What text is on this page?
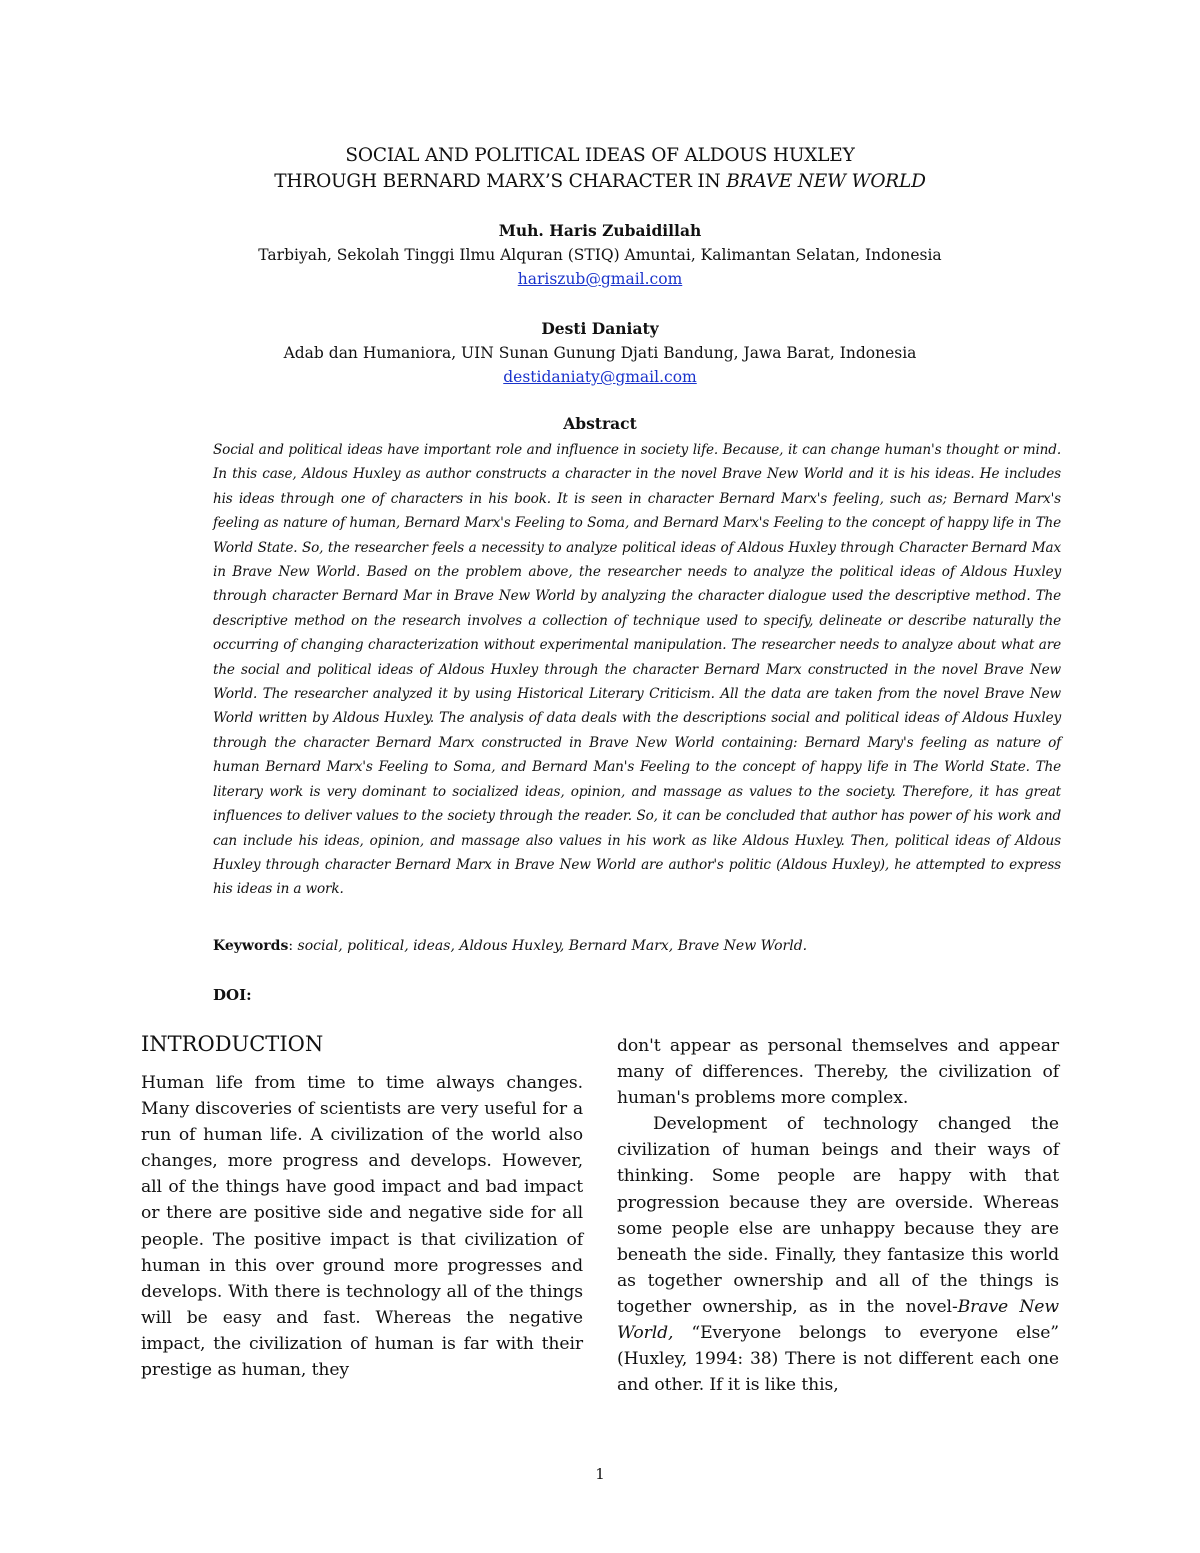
SOCIAL AND POLITICAL IDEAS OF ALDOUS HUXLEY
THROUGH BERNARD MARX’S CHARACTER IN BRAVE NEW WORLD
Muh. Haris Zubaidillah
Tarbiyah, Sekolah Tinggi Ilmu Alquran (STIQ) Amuntai, Kalimantan Selatan, Indonesia
hariszub@gmail.com
Desti Daniaty
Adab dan Humaniora, UIN Sunan Gunung Djati Bandung, Jawa Barat, Indonesia
destidaniaty@gmail.com
Abstract
Social and political ideas have important role and influence in society life. Because, it can change human's thought or mind. In this case, Aldous Huxley as author constructs a character in the novel Brave New World and it is his ideas. He includes his ideas through one of characters in his book. It is seen in character Bernard Marx's feeling, such as; Bernard Marx's feeling as nature of human, Bernard Marx's Feeling to Soma, and Bernard Marx's Feeling to the concept of happy life in The World State. So, the researcher feels a necessity to analyze political ideas of Aldous Huxley through Character Bernard Max in Brave New World. Based on the problem above, the researcher needs to analyze the political ideas of Aldous Huxley through character Bernard Mar in Brave New World by analyzing the character dialogue used the descriptive method. The descriptive method on the research involves a collection of technique used to specify, delineate or describe naturally the occurring of changing characterization without experimental manipulation. The researcher needs to analyze about what are the social and political ideas of Aldous Huxley through the character Bernard Marx constructed in the novel Brave New World. The researcher analyzed it by using Historical Literary Criticism. All the data are taken from the novel Brave New World written by Aldous Huxley. The analysis of data deals with the descriptions social and political ideas of Aldous Huxley through the character Bernard Marx constructed in Brave New World containing: Bernard Mary's feeling as nature of human Bernard Marx's Feeling to Soma, and Bernard Man's Feeling to the concept of happy life in The World State. The literary work is very dominant to socialized ideas, opinion, and massage as values to the society. Therefore, it has great influences to deliver values to the society through the reader. So, it can be concluded that author has power of his work and can include his ideas, opinion, and massage also values in his work as like Aldous Huxley. Then, political ideas of Aldous Huxley through character Bernard Marx in Brave New World are author's politic (Aldous Huxley), he attempted to express his ideas in a work.
Keywords: social, political, ideas, Aldous Huxley, Bernard Marx, Brave New World.
DOI:
INTRODUCTION

Human life from time to time always changes. Many discoveries of scientists are very useful for a run of human life. A civilization of the world also changes, more progress and develops. However, all of the things have good impact and bad impact or there are positive side and negative side for all people. The positive impact is that civilization of human in this over ground more progresses and develops. With there is technology all of the things will be easy and fast. Whereas the negative impact, the civilization of human is far with their prestige as human, they

don't appear as personal themselves and appear many of differences. Thereby, the civilization of human's problems more complex.

Development of technology changed the civilization of human beings and their ways of thinking. Some people are happy with that progression because they are overside. Whereas some people else are unhappy because they are beneath the side. Finally, they fantasize this world as together ownership and all of the things is together ownership, as in the novel-Brave New World, “Everyone belongs to everyone else” (Huxley, 1994: 38) There is not different each one and other. If it is like this,

1
